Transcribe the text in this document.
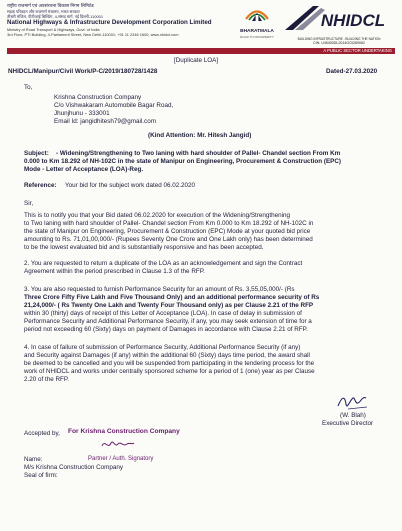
राष्ट्रीय राजमार्ग एवं अवसंरचना विकास निगम लिमिटेड
सड़क परिवहन और राजमार्ग मंत्रालय, भारत सरकार
तीसरी मंजिल, पीटीआई बिल्डिंग, 4-संसद मार्ग, नई दिल्ली-110001
National Highways & Infrastructure Development Corporation Limited
Ministry of Road Transport & Highways, Govt. of India
3rd Floor, PTI Building, 4-Parliament Street, New Delhi-110001; +91 11 2346 1600, www.nhidcl.com
BHARATMALA
ROAD TO PROSPERITY
NHIDCL
BUILDING INFRASTRUCTURE : BUILDING THE NATION
CIN: U45400DL2014GOI269062
A PUBLIC SECTOR UNDERTAKING
[Duplicate LOA]
NHIDCL/Manipur/Civil Work/P-C/2019/180728/1428	Dated-27.03.2020
To,
Krishna Construction Company
C/o Vishwakaram Automobile Bagar Road,
Jhunjhunu - 333001
Email Id: jangidhitesh79@gmail.com
(Kind Attention: Mr. Hitesh Jangid)
Subject: - Widening/Strengthening to Two laning with hard shoulder of Pallel- Chandel section From Km
0.000 to Km 18.292 of NH-102C in the state of Manipur on Engineering, Procurement & Construction (EPC)
Mode - Letter of Acceptance (LOA)-Reg.
Reference: Your bid for the subject work dated 06.02.2020
Sir,
This is to notify you that your Bid dated 06.02.2020 for execution of the Widening/Strengthening
to Two laning with hard shoulder of Pallel- Chandel section From Km 0.000 to Km 18.292 of NH-102C in
the state of Manipur on Engineering, Procurement & Construction (EPC) Mode at your quoted bid price
amounting to Rs. 71,01,00,000/- (Rupees Seventy One Crore and One Lakh only) has been determined
to be the lowest evaluated bid and is substantially responsive and has been accepted.
2. You are requested to return a duplicate of the LOA as an acknowledgement and sign the Contract
Agreement within the period prescribed in Clause 1.3 of the RFP.
3. You are also requested to furnish Performance Security for an amount of Rs. 3,55,05,000/- (Rs
Three Crore Fifty Five Lakh and Five Thousand Only) and an additional performance security of Rs
21,24,000/- ( Rs Twenty One Lakh and Twenty Four Thousand only) as per Clause 2.21 of the RFP
within 30 (thirty) days of receipt of this Letter of Acceptance (LOA). In case of delay in submission of
Performance Security and Additional Performance Security, if any, you may seek extension of time for a
period not exceeding 60 (Sixty) days on payment of Damages in accordance with Clause 2.21 of RFP.
4. In case of failure of submission of Performance Security, Additional Performance Security (if any)
and Security against Damages (if any) within the additional 60 (Sixty) days time period, the award shall
be deemed to be cancelled and you will be suspended from participating in the tendering process for the
work of NHIDCL and works under centrally sponsored scheme for a period of 1 (one) year as per Clause
2.20 of the RFP.
(W. Blah)
Executive Director
Accepted by, For Krishna Construction Company
Name:	Partner / Auth. Signatory
M/s Krishna Construction Company
Seal of firm:
